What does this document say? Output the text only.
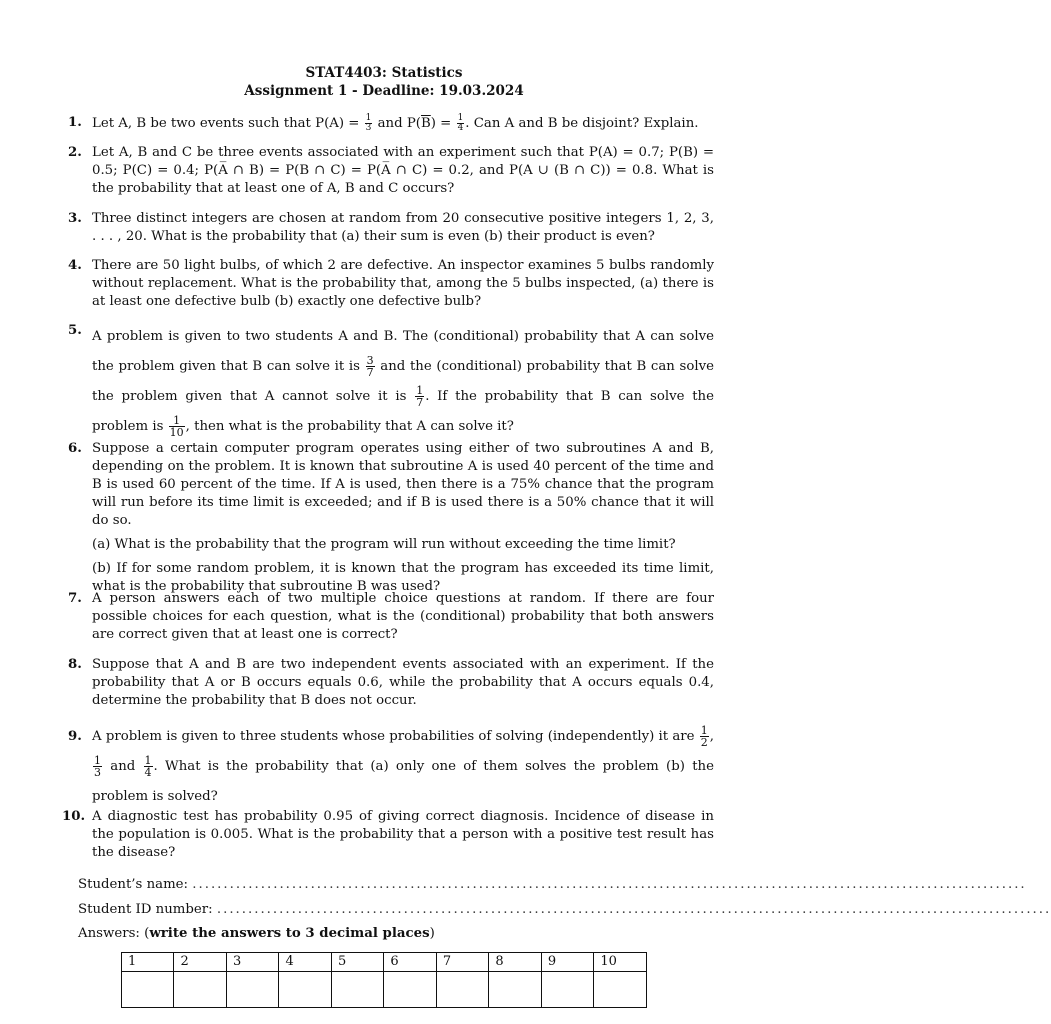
STAT4403: Statistics
Assignment 1 - Deadline: 19.03.2024
1. Let A, B be two events such that $P(A) = \frac{1}{3}$ and $P(\overline{B}) = \frac{1}{4}$ . Can A and B be disjoint? Explain.
2. Let A, B and C be three events associated with an experiment such that P(A) = 0.7; P(B) = 0.5; P(C) = 0.4; P(A̅ ∩ B) = P(B ∩ C) = P(A̅ ∩ C) = 0.2, and P(A ∪ (B ∩ C)) = 0.8. What is the probability that at least one of A, B and C occurs?
3. Three distinct integers are chosen at random from 20 consecutive positive integers 1, 2, 3, . . . , 20. What is the probability that (a) their sum is even (b) their product is even?
4. There are 50 light bulbs, of which 2 are defective. An inspector examines 5 bulbs randomly without replacement. What is the probability that, among the 5 bulbs inspected, (a) there is at least one defective bulb (b) exactly one defective bulb?
5. A problem is given to two students A and B. The (conditional) probability that A can solve the problem given that B can solve it is $\frac{3}{7}$ and the (conditional) probability that B can solve the problem given that A cannot solve it is $\frac{1}{7}$ . If the probability that B can solve the problem is $\frac{1}{10}$ , then what is the probability that A can solve it?
6. Suppose a certain computer program operates using either of two subroutines A and B, depending on the problem. It is known that subroutine A is used 40 percent of the time and B is used 60 percent of the time. If A is used, then there is a 75% chance that the program will run before its time limit is exceeded; and if B is used there is a 50% chance that it will do so.
(a) What is the probability that the program will run without exceeding the time limit?
(b) If for some random problem, it is known that the program has exceeded its time limit, what is the probability that subroutine B was used?
7. A person answers each of two multiple choice questions at random. If there are four possible choices for each question, what is the (conditional) probability that both answers are correct given that at least one is correct?
8. Suppose that A and B are two independent events associated with an experiment. If the probability that A or B occurs equals 0.6, while the probability that A occurs equals 0.4, determine the probability that B does not occur.
9. A problem is given to three students whose probabilities of solving (independently) it are $\frac{1}{2}$ ,
$\frac{1}{3}$ and $\frac{1}{4}$ . What is the probability that (a) only one of them solves the problem (b) the problem is solved?
10. A diagnostic test has probability 0.95 of giving correct diagnosis. Incidence of disease in the population is 0.005. What is the probability that a person with a positive test result has the disease?
Student’s name: ......................................................................................................................................
Student ID number: ......................................................................................................................................
Answers: (write the answers to 3 decimal places)
1	2	3	4	5	6	7	8	9	10
